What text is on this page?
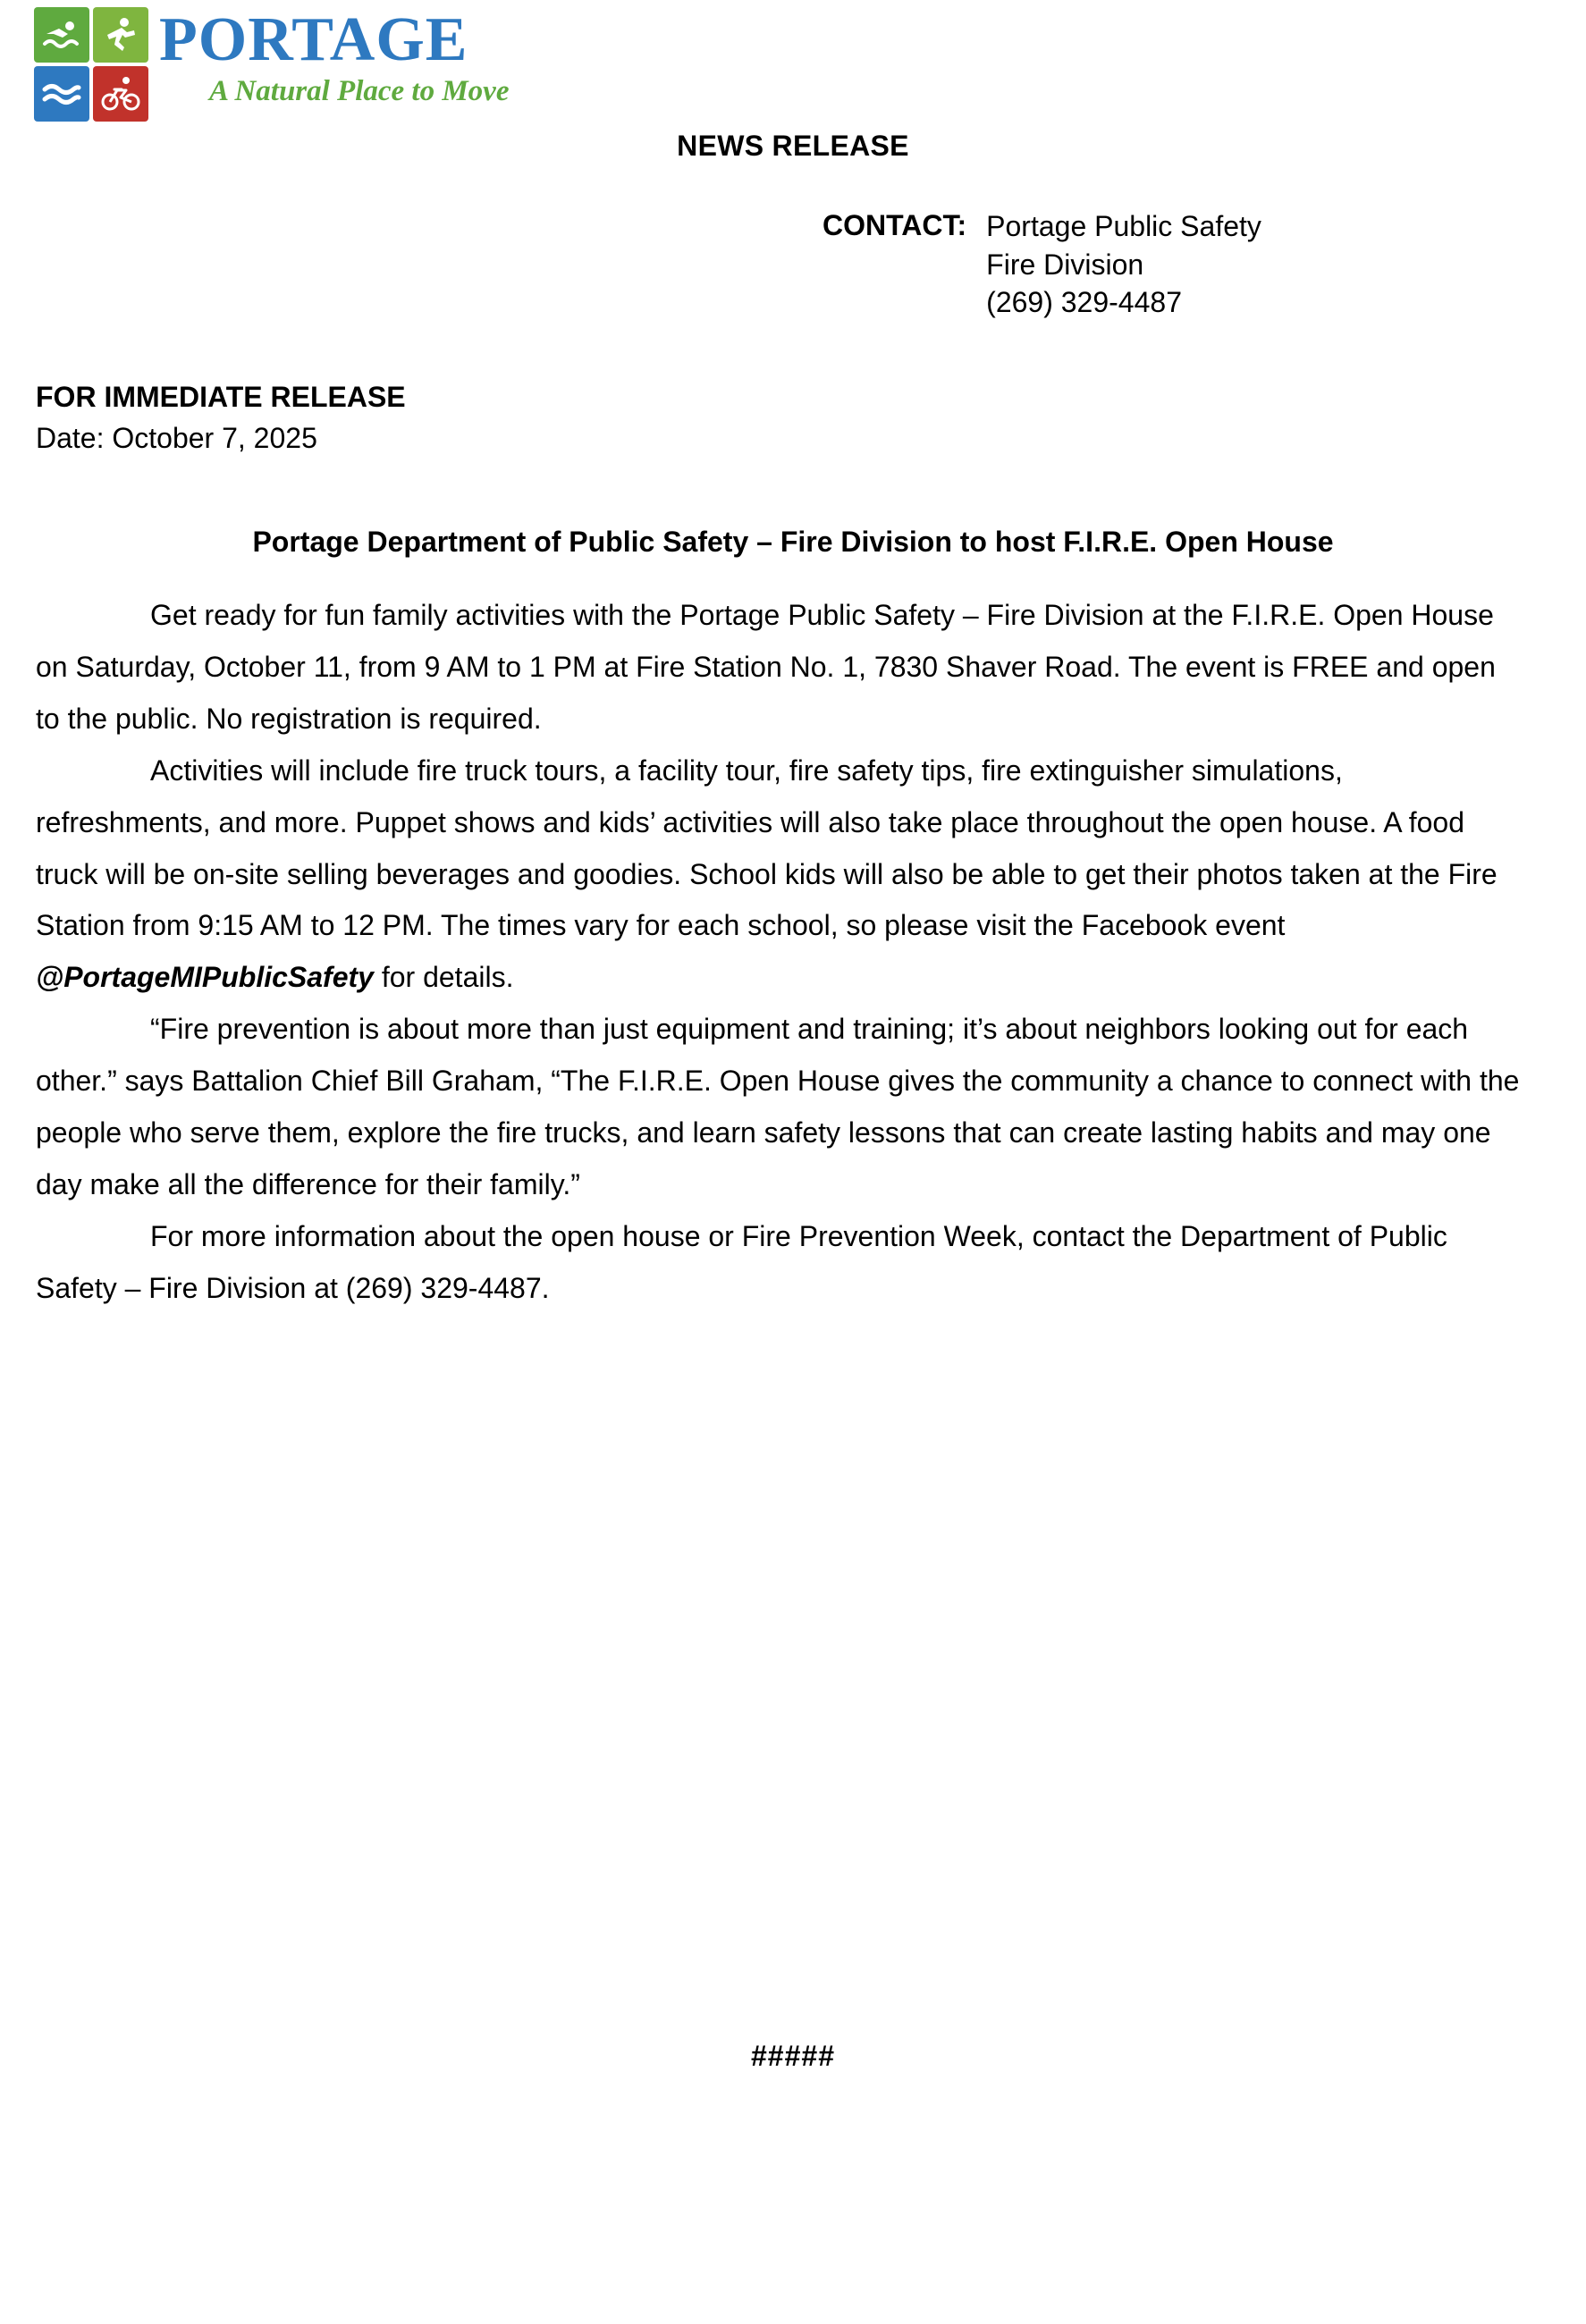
PORTAGE
A Natural Place to Move
NEWS RELEASE
CONTACT: Portage Public Safety
Fire Division
(269) 329-4487
FOR IMMEDIATE RELEASE
Date: October 7, 2025
Portage Department of Public Safety – Fire Division to host F.I.R.E. Open House

Get ready for fun family activities with the Portage Public Safety – Fire Division at the F.I.R.E. Open House on Saturday, October 11, from 9 AM to 1 PM at Fire Station No. 1, 7830 Shaver Road. The event is FREE and open to the public. No registration is required.

Activities will include fire truck tours, a facility tour, fire safety tips, fire extinguisher simulations, refreshments, and more. Puppet shows and kids’ activities will also take place throughout the open house. A food truck will be on-site selling beverages and goodies. School kids will also be able to get their photos taken at the Fire Station from 9:15 AM to 12 PM. The times vary for each school, so please visit the Facebook event @PortageMIPublicSafety for details.

“Fire prevention is about more than just equipment and training; it’s about neighbors looking out for each other.” says Battalion Chief Bill Graham, “The F.I.R.E. Open House gives the community a chance to connect with the people who serve them, explore the fire trucks, and learn safety lessons that can create lasting habits and may one day make all the difference for their family.”

For more information about the open house or Fire Prevention Week, contact the Department of Public Safety – Fire Division at (269) 329-4487.

#####
